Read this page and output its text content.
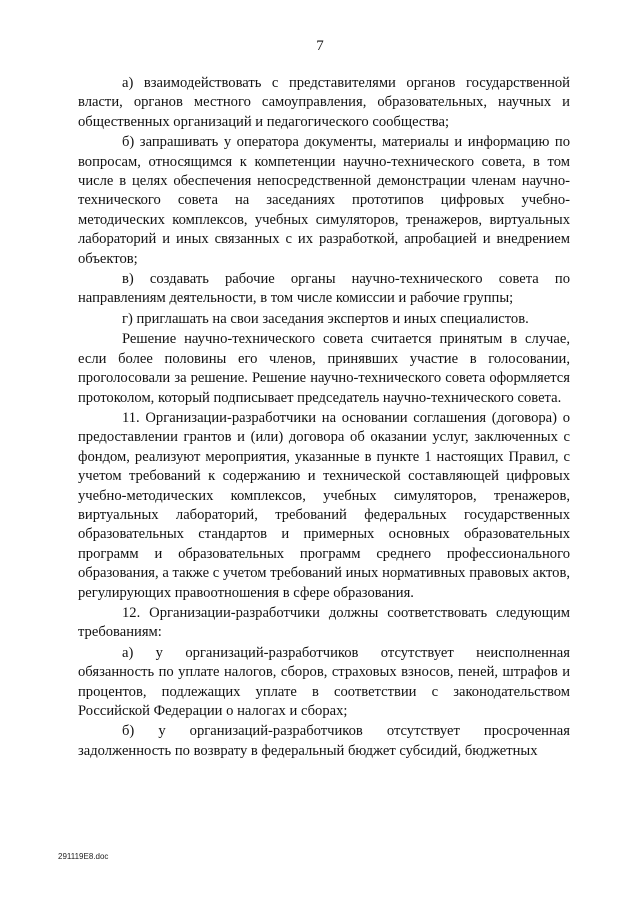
7

а) взаимодействовать с представителями органов государственной власти, органов местного самоуправления, образовательных, научных и общественных организаций и педагогического сообщества;

б) запрашивать у оператора документы, материалы и информацию по вопросам, относящимся к компетенции научно-технического совета, в том числе в целях обеспечения непосредственной демонстрации членам научно-технического совета на заседаниях прототипов цифровых учебно-методических комплексов, учебных симуляторов, тренажеров, виртуальных лабораторий и иных связанных с их разработкой, апробацией и внедрением объектов;

в) создавать рабочие органы научно-технического совета по направлениям деятельности, в том числе комиссии и рабочие группы;

г) приглашать на свои заседания экспертов и иных специалистов.

Решение научно-технического совета считается принятым в случае, если более половины его членов, принявших участие в голосовании, проголосовали за решение. Решение научно-технического совета оформляется протоколом, который подписывает председатель научно-технического совета.

11. Организации-разработчики на основании соглашения (договора) о предоставлении грантов и (или) договора об оказании услуг, заключенных с фондом, реализуют мероприятия, указанные в пункте 1 настоящих Правил, с учетом требований к содержанию и технической составляющей цифровых учебно-методических комплексов, учебных симуляторов, тренажеров, виртуальных лабораторий, требований федеральных государственных образовательных стандартов и примерных основных образовательных программ и образовательных программ среднего профессионального образования, а также с учетом требований иных нормативных правовых актов, регулирующих правоотношения в сфере образования.

12. Организации-разработчики должны соответствовать следующим требованиям:

а) у организаций-разработчиков отсутствует неисполненная обязанность по уплате налогов, сборов, страховых взносов, пеней, штрафов и процентов, подлежащих уплате в соответствии с законодательством Российской Федерации о налогах и сборах;

б) у организаций-разработчиков отсутствует просроченная задолженность по возврату в федеральный бюджет субсидий, бюджетных

291119E8.doc
